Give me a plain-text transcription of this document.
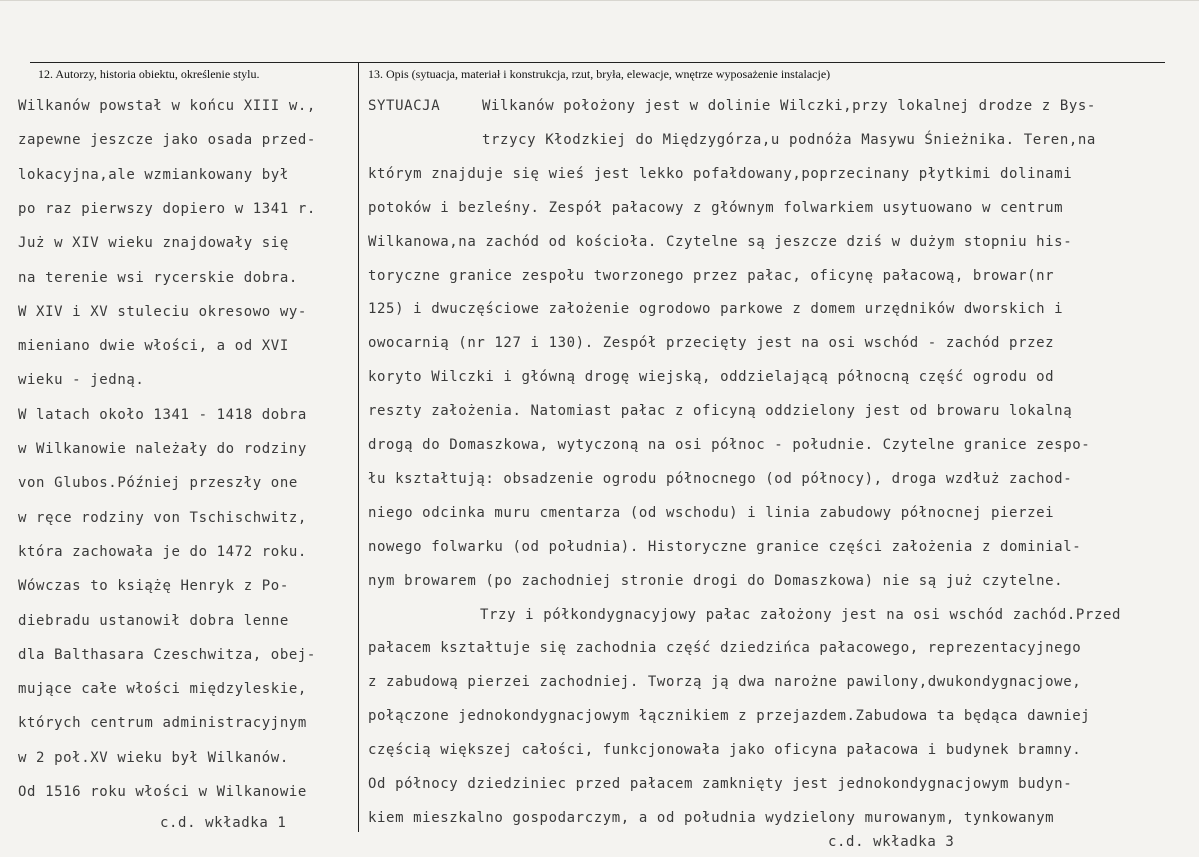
12. Autorzy, historia obiektu, określenie stylu.	13. Opis (sytuacja, materiał i konstrukcja, rzut, bryła, elewacje, wnętrze wyposażenie instalacje)
Wilkanów powstał w końcu XIII w.,
zapewne jeszcze jako osada przed-
lokacyjna,ale wzmiankowany był
po raz pierwszy dopiero w 1341 r.
Już w XIV wieku znajdowały się
na terenie wsi rycerskie dobra.
W XIV i XV stuleciu okresowo wy-
mieniano dwie włości, a od XVI
wieku - jedną.
W latach około 1341 - 1418 dobra
w Wilkanowie należały do rodziny
von Glubos.Później przeszły one
w ręce rodziny von Tschischwitz,
która zachowała je do 1472 roku.
Wówczas to książę Henryk z Po-
diebradu ustanowił dobra lenne
dla Balthasara Czeschwitza, obej-
mujące całe włości międzyleskie,
których centrum administracyjnym
w 2 poł.XV wieku był Wilkanów.
Od 1516 roku włości w Wilkanowie
c.d. wkładka 1
SYTUACJA	Wilkanów położony jest w dolinie Wilczki,przy lokalnej drodze z Bys-
trzycy Kłodzkiej do Międzygórza,u podnóża Masywu Śnieżnika. Teren,na
którym znajduje się wieś jest lekko pofałdowany,poprzecinany płytkimi dolinami
potoków i bezleśny. Zespół pałacowy z głównym folwarkiem usytuowano w centrum
Wilkanowa,na zachód od kościoła. Czytelne są jeszcze dziś w dużym stopniu his-
toryczne granice zespołu tworzonego przez pałac, oficynę pałacową, browar(nr
125) i dwuczęściowe założenie ogrodowo parkowe z domem urzędników dworskich i
owocarnią (nr 127 i 130). Zespół przecięty jest na osi wschód - zachód przez
koryto Wilczki i główną drogę wiejską, oddzielającą północną część ogrodu od
reszty założenia. Natomiast pałac z oficyną oddzielony jest od browaru lokalną
drogą do Domaszkowa, wytyczoną na osi północ - południe. Czytelne granice zespo-
łu kształtują: obsadzenie ogrodu północnego (od północy), droga wzdłuż zachod-
niego odcinka muru cmentarza (od wschodu) i linia zabudowy północnej pierzei
nowego folwarku (od południa). Historyczne granice części założenia z dominial-
nym browarem (po zachodniej stronie drogi do Domaszkowa) nie są już czytelne.
Trzy i półkondygnacyjowy pałac założony jest na osi wschód zachód.Przed
pałacem kształtuje się zachodnia część dziedzińca pałacowego, reprezentacyjnego
z zabudową pierzei zachodniej. Tworzą ją dwa narożne pawilony,dwukondygnacjowe,
połączone jednokondygnacjowym łącznikiem z przejazdem.Zabudowa ta będąca dawniej
częścią większej całości, funkcjonowała jako oficyna pałacowa i budynek bramny.
Od północy dziedziniec przed pałacem zamknięty jest jednokondygnacjowym budyn-
kiem mieszkalno gospodarczym, a od południa wydzielony murowanym, tynkowanym
c.d. wkładka 3
